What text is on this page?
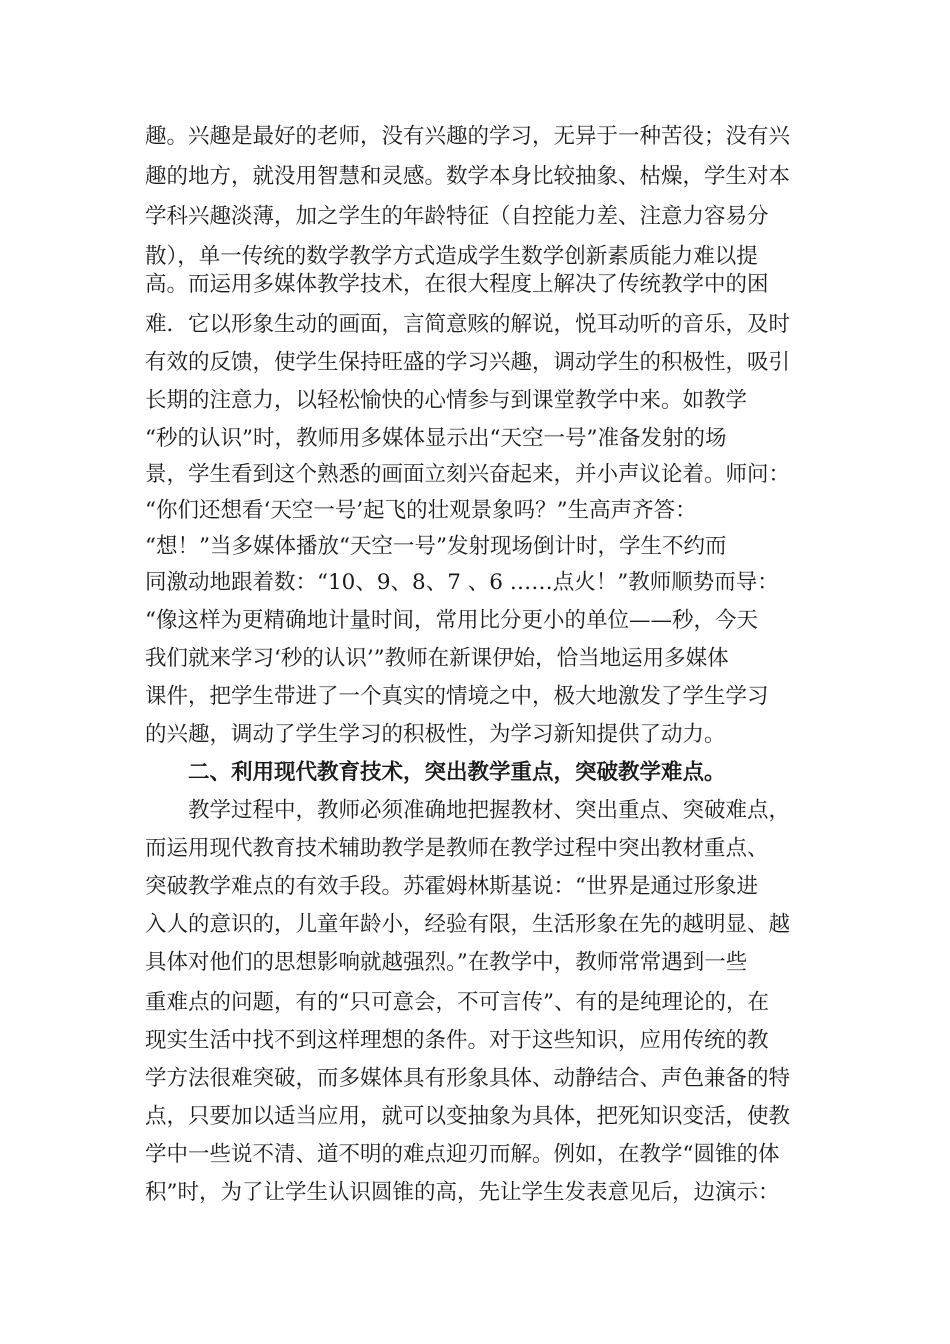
趣。兴趣是最好的老师，没有兴趣的学习，无异于一种苦役；没有兴
趣的地方，就没用智慧和灵感。数学本身比较抽象、枯燥，学生对本
学科兴趣淡薄，加之学生的年龄特征（自控能力差、注意力容易分
散），单一传统的数学教学方式造成学生数学创新素质能力难以提
高。而运用多媒体教学技术，在很大程度上解决了传统教学中的困
难．它以形象生动的画面，言简意赅的解说，悦耳动听的音乐，及时
有效的反馈，使学生保持旺盛的学习兴趣，调动学生的积极性，吸引
长期的注意力，以轻松愉快的心情参与到课堂教学中来。如教学
“秒的认识”时，教师用多媒体显示出“天空一号”准备发射的场
景，学生看到这个熟悉的画面立刻兴奋起来，并小声议论着。师问：
“你们还想看‘天空一号’起飞的壮观景象吗？”生高声齐答：
“想！”当多媒体播放“天空一号”发射现场倒计时，学生不约而
同激动地跟着数：“10、9、8、7 、6 ……点火！”教师顺势而导：
“像这样为更精确地计量时间，常用比分更小的单位——秒，今天
我们就来学习‘秒的认识’”教师在新课伊始，恰当地运用多媒体
课件，把学生带进了一个真实的情境之中，极大地激发了学生学习
的兴趣，调动了学生学习的积极性，为学习新知提供了动力。
二、利用现代教育技术，突出教学重点，突破教学难点。
教学过程中，教师必须准确地把握教材、突出重点、突破难点，
而运用现代教育技术辅助教学是教师在教学过程中突出教材重点、
突破教学难点的有效手段。苏霍姆林斯基说：“世界是通过形象进
入人的意识的，儿童年龄小，经验有限，生活形象在先的越明显、越
具体对他们的思想影响就越强烈。”在教学中，教师常常遇到一些
重难点的问题，有的“只可意会，不可言传”、有的是纯理论的，在
现实生活中找不到这样理想的条件。对于这些知识，应用传统的教
学方法很难突破，而多媒体具有形象具体、动静结合、声色兼备的特
点，只要加以适当应用，就可以变抽象为具体，把死知识变活，使教
学中一些说不清、道不明的难点迎刃而解。例如，在教学“圆锥的体
积”时，为了让学生认识圆锥的高，先让学生发表意见后，边演示：
